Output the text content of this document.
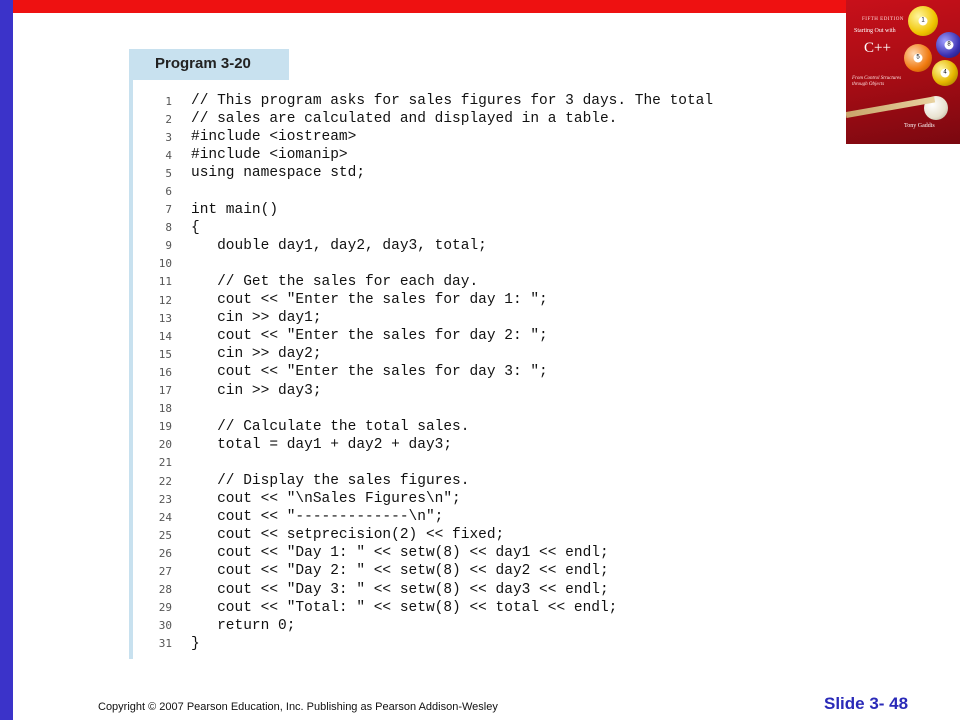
FIFTH EDITION
Starting Out with
C++
From Control Structures through Objects
Tony Gaddis
1
8
5
4
Program 3-20
1 // This program asks for sales figures for 3 days. The total
2 // sales are calculated and displayed in a table.
3 #include <iostream>
4 #include <iomanip>
5 using namespace std;
6
7 int main()
8 {
9 double day1, day2, day3, total;
10
11 // Get the sales for each day.
12 cout << "Enter the sales for day 1: ";
13 cin >> day1;
14 cout << "Enter the sales for day 2: ";
15 cin >> day2;
16 cout << "Enter the sales for day 3: ";
17 cin >> day3;
18
19 // Calculate the total sales.
20 total = day1 + day2 + day3;
21
22 // Display the sales figures.
23 cout << "\nSales Figures\n";
24 cout << "-------------\n";
25 cout << setprecision(2) << fixed;
26 cout << "Day 1: " << setw(8) << day1 << endl;
27 cout << "Day 2: " << setw(8) << day2 << endl;
28 cout << "Day 3: " << setw(8) << day3 << endl;
29 cout << "Total: " << setw(8) << total << endl;
30 return 0;
31 }
Copyright © 2007 Pearson Education, Inc. Publishing as Pearson Addison-Wesley	Slide 3- 48
